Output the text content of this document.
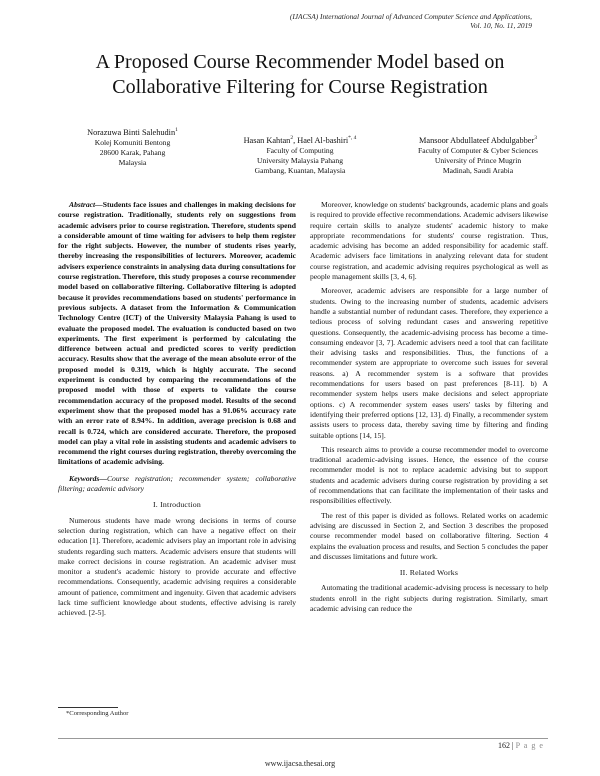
(IJACSA) International Journal of Advanced Computer Science and Applications,
Vol. 10, No. 11, 2019
A Proposed Course Recommender Model based on
Collaborative Filtering for Course Registration
Norazuwa Binti Salehudin$^1$
Kolej Komuniti Bentong
28600 Karak, Pahang
Malaysia
Hasan Kahtan$^2$, Hael Al-bashiri$^{*, 4}$
Faculty of Computing
University Malaysia Pahang
Gambang, Kuantan, Malaysia
Mansoor Abdullateef Abdulgabber$^3$
Faculty of Computer & Cyber Sciences
University of Prince Mugrin
Madinah, Saudi Arabia

Abstract—Students face issues and challenges in making decisions for course registration. Traditionally, students rely on suggestions from academic advisers prior to course registration. Therefore, students spend a considerable amount of time waiting for advisers to help them register for the right subjects. However, the number of students rises yearly, thereby increasing the responsibilities of lecturers. Moreover, academic advisers experience constraints in analysing data during consultations for course registration. Therefore, this study proposes a course recommender model based on collaborative filtering. Collaborative filtering is adopted because it provides recommendations based on students' performance in previous subjects. A dataset from the Information & Communication Technology Centre (ICT) of the University Malaysia Pahang is used to evaluate the proposed model. The evaluation is conducted based on two experiments. The first experiment is performed by calculating the difference between actual and predicted scores to verify prediction accuracy. Results show that the average of the mean absolute error of the proposed model is 0.319, which is highly accurate. The second experiment is conducted by comparing the recommendations of the proposed model with those of experts to validate the course recommendation accuracy of the proposed model. Results of the second experiment show that the proposed model has a 91.06% accuracy rate with an error rate of 8.94%. In addition, average precision is 0.68 and recall is 0.724, which are considered accurate. Therefore, the proposed model can play a vital role in assisting students and academic advisers to recommend the right courses during registration, thereby overcoming the limitations of academic advising.

Keywords—Course registration; recommender system; collaborative filtering; academic advisory

I. Introduction

Numerous students have made wrong decisions in terms of course selection during registration, which can have a negative effect on their education [1]. Therefore, academic advisers play an important role in advising students regarding such matters. Academic advisers ensure that students will make correct decisions in course registration. An academic adviser must monitor a student's academic history to provide accurate and effective recommendations. Consequently, academic advising requires a considerable amount of patience, commitment and ingenuity. Given that academic advisers lack time sufficient knowledge about students, effective advising is rarely achieved. [2-5].

Moreover, knowledge on students' backgrounds, academic plans and goals is required to provide effective recommendations. Academic advisers likewise require certain skills to analyze students' academic history to make appropriate recommendations for students' course registration. Thus, academic advising has become an added responsibility for academic staff. Academic advisers face limitations in analyzing relevant data for student course registration, and academic advising requires psychological as well as people management skills [3, 4, 6].

Moreover, academic advisers are responsible for a large number of students. Owing to the increasing number of students, academic advisers handle a substantial number of redundant cases. Therefore, they experience a tedious process of solving redundant cases and answering repetitive questions. Consequently, the academic-advising process has become a time-consuming endeavor [3, 7]. Academic advisers need a tool that can facilitate their advising tasks and responsibilities. Thus, the functions of a recommender system are appropriate to overcome such issues for several reasons. a) A recommender system is a software that provides recommendations for users based on past preferences [8-11]. b) A recommender system helps users make decisions and select appropriate options. c) A recommender system eases users' tasks by filtering and identifying their preferred options [12, 13]. d) Finally, a recommender system assists users to process data, thereby saving time by filtering and finding suitable options [14, 15].

This research aims to provide a course recommender model to overcome traditional academic-advising issues. Hence, the essence of the course recommender model is not to replace academic advising but to support students and academic advisers during course registration by providing a set of recommendations that can facilitate the implementation of their tasks and responsibilities effectively.

The rest of this paper is divided as follows. Related works on academic advising are discussed in Section 2, and Section 3 describes the proposed course recommender model based on collaborative filtering. Section 4 explains the evaluation process and results, and Section 5 concludes the paper and discusses limitations and future work.

II. Related Works

Automating the traditional academic-advising process is necessary to help students enroll in the right subjects during registration. Similarly, smart academic advising can reduce the

*Corresponding Author
162 | P a g e
www.ijacsa.thesai.org
